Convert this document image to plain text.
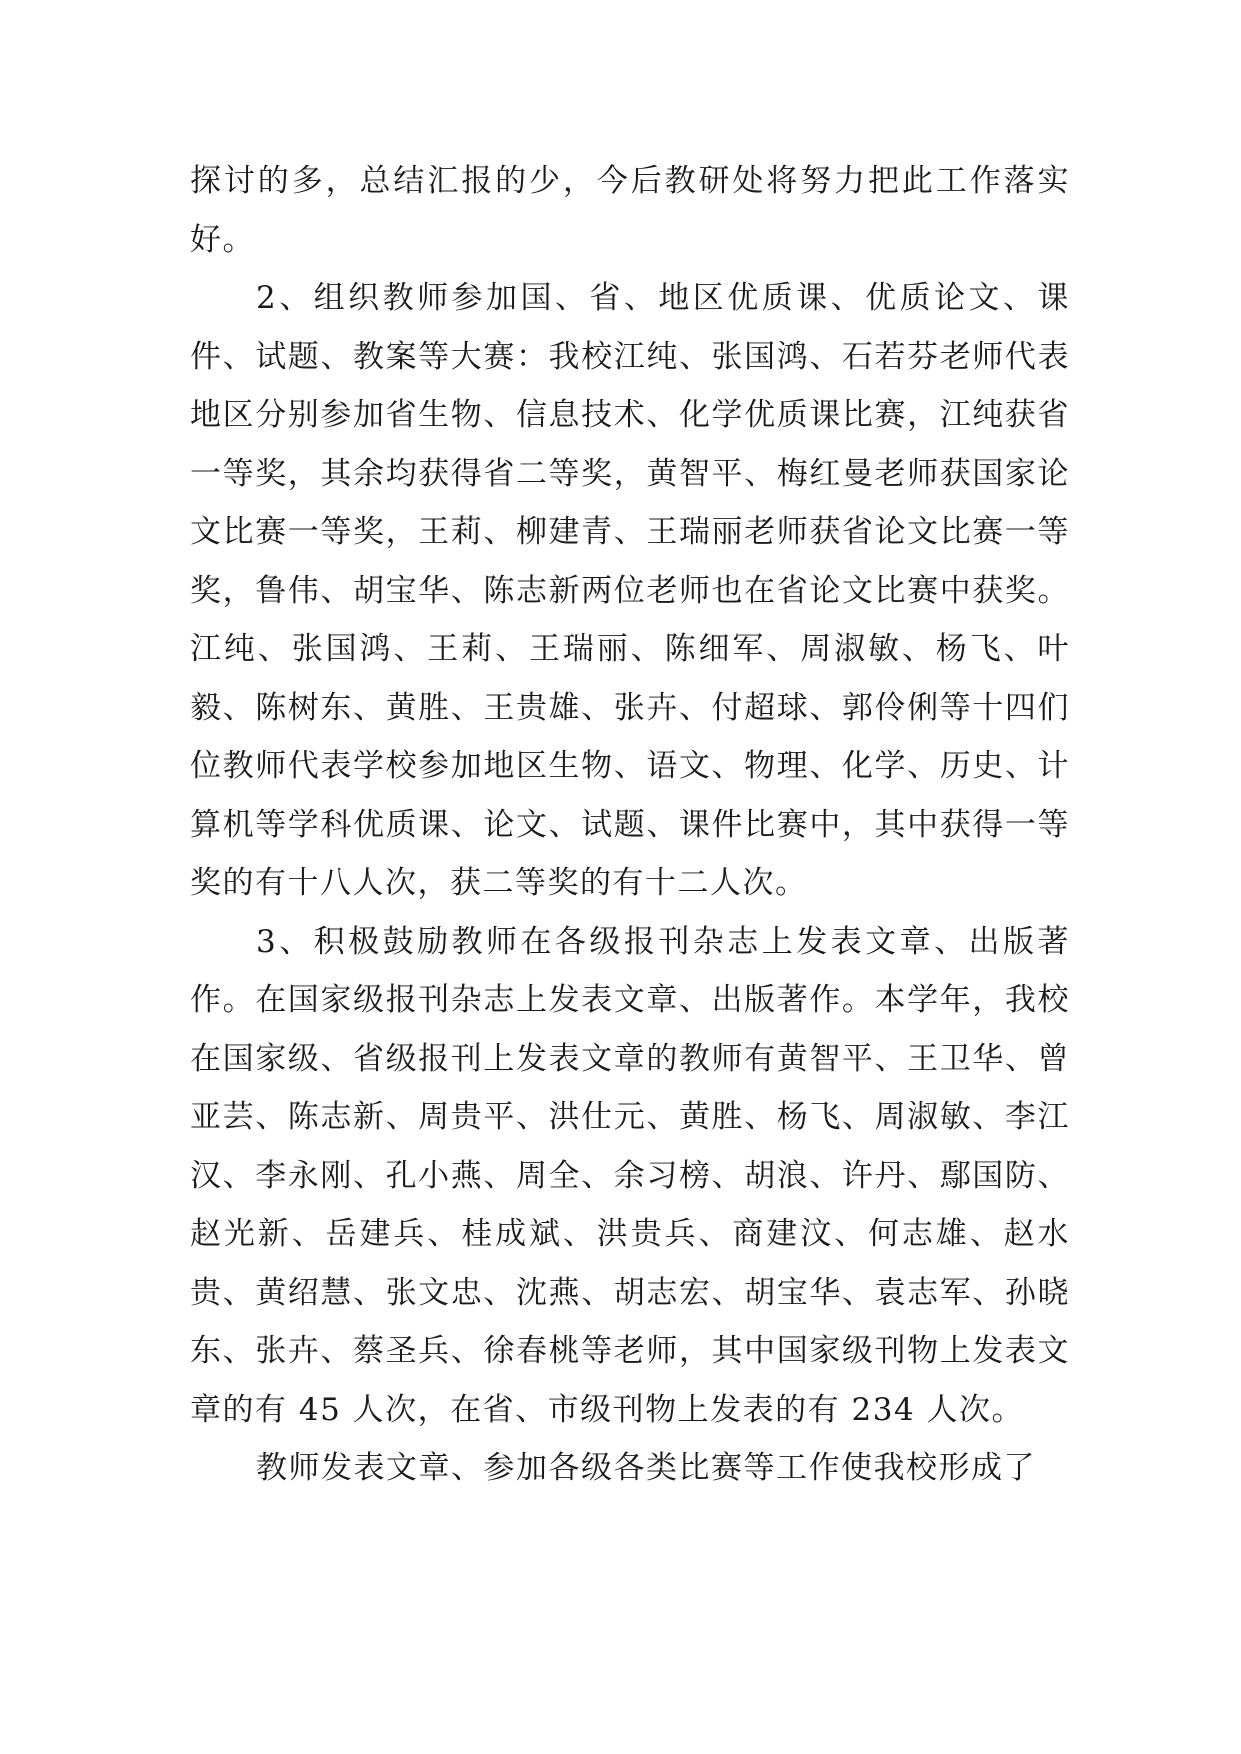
探讨的多，总结汇报的少，今后教研处将努力把此工作落实好。

2、组织教师参加国、省、地区优质课、优质论文、课件、试题、教案等大赛：我校江纯、张国鸿、石若芬老师代表地区分别参加省生物、信息技术、化学优质课比赛，江纯获省一等奖，其余均获得省二等奖，黄智平、梅红曼老师获国家论文比赛一等奖，王莉、柳建青、王瑞丽老师获省论文比赛一等奖，鲁伟、胡宝华、陈志新两位老师也在省论文比赛中获奖。江纯、张国鸿、王莉、王瑞丽、陈细军、周淑敏、杨飞、叶毅、陈树东、黄胜、王贵雄、张卉、付超球、郭伶俐等十四们位教师代表学校参加地区生物、语文、物理、化学、历史、计算机等学科优质课、论文、试题、课件比赛中，其中获得一等奖的有十八人次，获二等奖的有十二人次。

3、积极鼓励教师在各级报刊杂志上发表文章、出版著作。在国家级报刊杂志上发表文章、出版著作。本学年，我校在国家级、省级报刊上发表文章的教师有黄智平、王卫华、曾亚芸、陈志新、周贵平、洪仕元、黄胜、杨飞、周淑敏、李江汉、李永刚、孔小燕、周全、余习榜、胡浪、许丹、鄢国防、赵光新、岳建兵、桂成斌、洪贵兵、商建汶、何志雄、赵水贵、黄绍慧、张文忠、沈燕、胡志宏、胡宝华、袁志军、孙晓东、张卉、蔡圣兵、徐春桃等老师，其中国家级刊物上发表文章的有 45 人次，在省、市级刊物上发表的有 234 人次。

教师发表文章、参加各级各类比赛等工作使我校形成了
